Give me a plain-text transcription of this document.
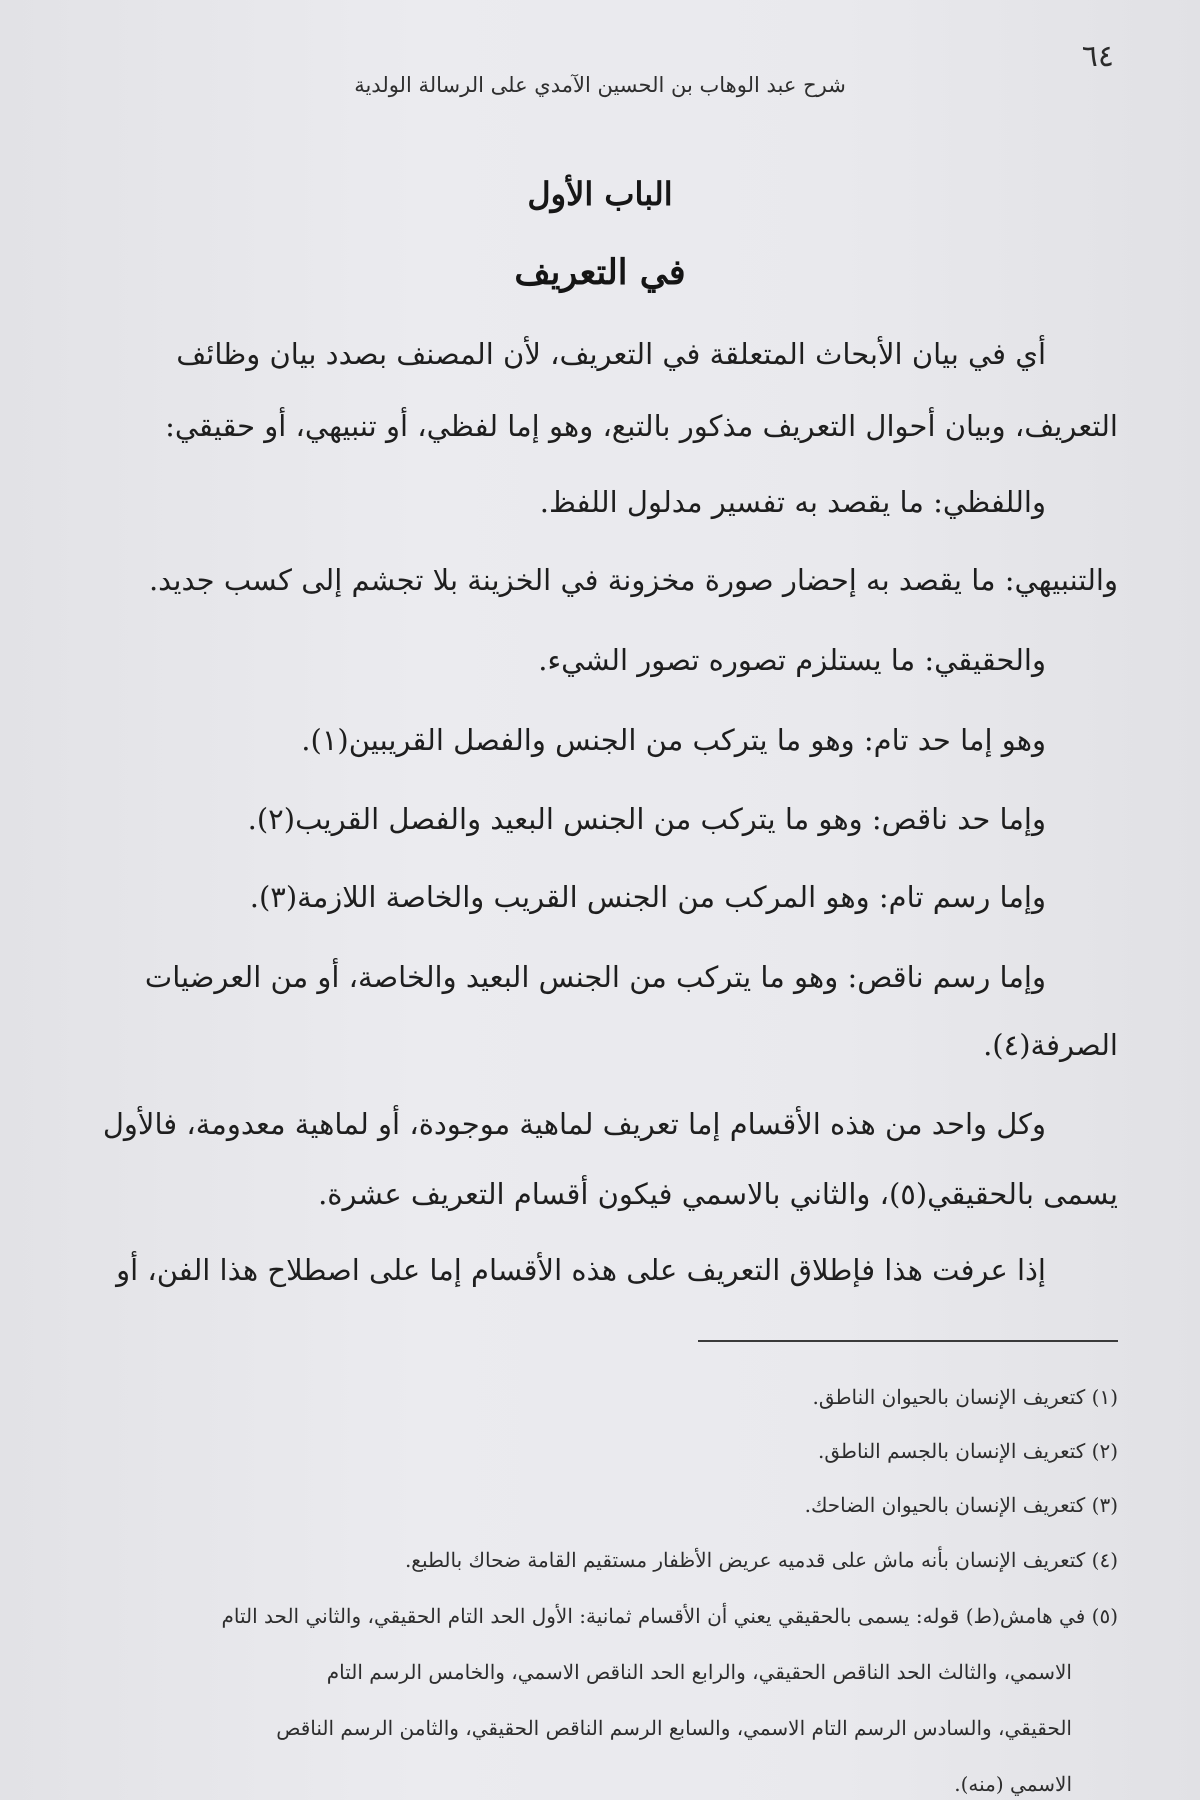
٦٤
شرح عبد الوهاب بن الحسين الآمدي على الرسالة الولدية
الباب الأول
في التعريف
أي في بيان الأبحاث المتعلقة في التعريف، لأن المصنف بصدد بيان وظائف
التعريف، وبيان أحوال التعريف مذكور بالتبع، وهو إما لفظي، أو تنبيهي، أو حقيقي:
واللفظي: ما يقصد به تفسير مدلول اللفظ.
والتنبيهي: ما يقصد به إحضار صورة مخزونة في الخزينة بلا تجشم إلى كسب جديد.
والحقيقي: ما يستلزم تصوره تصور الشيء.
وهو إما حد تام: وهو ما يتركب من الجنس والفصل القريبين(١).
وإما حد ناقص: وهو ما يتركب من الجنس البعيد والفصل القريب(٢).
وإما رسم تام: وهو المركب من الجنس القريب والخاصة اللازمة(٣).
وإما رسم ناقص: وهو ما يتركب من الجنس البعيد والخاصة، أو من العرضيات
الصرفة(٤).
وكل واحد من هذه الأقسام إما تعريف لماهية موجودة، أو لماهية معدومة، فالأول
يسمى بالحقيقي(٥)، والثاني بالاسمي فيكون أقسام التعريف عشرة.
إذا عرفت هذا فإطلاق التعريف على هذه الأقسام إما على اصطلاح هذا الفن، أو
(١) كتعريف الإنسان بالحيوان الناطق.
(٢) كتعريف الإنسان بالجسم الناطق.
(٣) كتعريف الإنسان بالحيوان الضاحك.
(٤) كتعريف الإنسان بأنه ماش على قدميه عريض الأظفار مستقيم القامة ضحاك بالطبع.
(٥) في هامش(ط) قوله: يسمى بالحقيقي يعني أن الأقسام ثمانية: الأول الحد التام الحقيقي، والثاني الحد التام
الاسمي، والثالث الحد الناقص الحقيقي، والرابع الحد الناقص الاسمي، والخامس الرسم التام
الحقيقي، والسادس الرسم التام الاسمي، والسابع الرسم الناقص الحقيقي، والثامن الرسم الناقص
الاسمي (منه).
